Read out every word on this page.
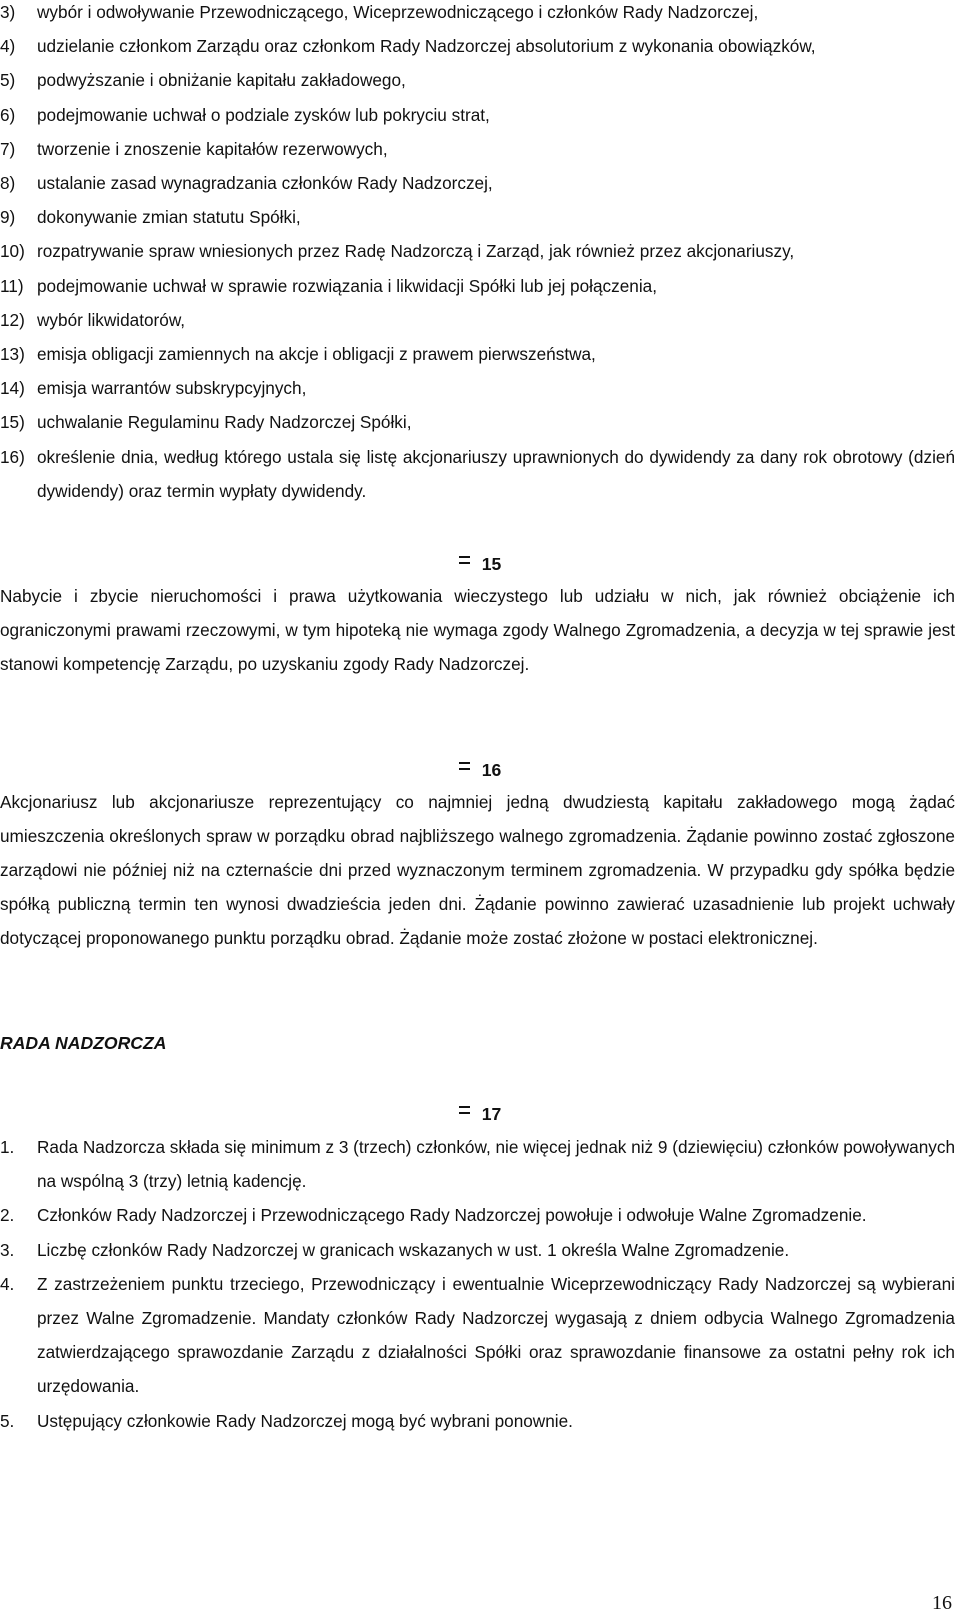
3)	wybór i odwoływanie Przewodniczącego, Wiceprzewodniczącego i członków Rady Nadzorczej,
4)	udzielanie członkom Zarządu oraz członkom Rady Nadzorczej absolutorium z wykonania obowiązków,
5)	podwyższanie i obniżanie kapitału zakładowego,
6)	podejmowanie uchwał o podziale zysków lub pokryciu strat,
7)	tworzenie i znoszenie kapitałów rezerwowych,
8)	ustalanie zasad wynagradzania członków Rady Nadzorczej,
9)	dokonywanie zmian statutu Spółki,
10) rozpatrywanie spraw wniesionych przez Radę Nadzorczą i Zarząd, jak również przez akcjonariuszy,
11) podejmowanie uchwał w sprawie rozwiązania i likwidacji Spółki lub jej połączenia,
12) wybór likwidatorów,
13) emisja obligacji zamiennych na akcje i obligacji z prawem pierwszeństwa,
14) emisja warrantów subskrypcyjnych,
15) uchwalanie Regulaminu Rady Nadzorczej Spółki,
16) określenie dnia, według którego ustala się listę akcjonariuszy uprawnionych do dywidendy za dany rok obrotowy (dzień dywidendy) oraz termin wypłaty dywidendy.
15
Nabycie i zbycie nieruchomości i prawa użytkowania wieczystego lub udziału w nich, jak również obciążenie ich ograniczonymi prawami rzeczowymi, w tym hipoteką nie wymaga zgody Walnego Zgromadzenia, a decyzja w tej sprawie jest stanowi kompetencję Zarządu, po uzyskaniu zgody Rady Nadzorczej.
16
Akcjonariusz lub akcjonariusze reprezentujący co najmniej jedną dwudziestą kapitału zakładowego mogą żądać umieszczenia określonych spraw w porządku obrad najbliższego walnego zgromadzenia. Żądanie powinno zostać zgłoszone zarządowi nie później niż na czternaście dni przed wyznaczonym terminem zgromadzenia. W przypadku gdy spółka będzie spółką publiczną termin ten wynosi dwadzieścia jeden dni. Żądanie powinno zawierać uzasadnienie lub projekt uchwały dotyczącej proponowanego punktu porządku obrad. Żądanie może zostać złożone w postaci elektronicznej.
RADA NADZORCZA
17
1.	Rada Nadzorcza składa się minimum z 3 (trzech) członków, nie więcej jednak niż 9 (dziewięciu) członków powoływanych na wspólną 3 (trzy) letnią kadencję.
2.	Członków Rady Nadzorczej i Przewodniczącego Rady Nadzorczej powołuje i odwołuje Walne Zgromadzenie.
3.	Liczbę członków Rady Nadzorczej w granicach wskazanych w ust. 1 określa Walne Zgromadzenie.
4.	Z zastrzeżeniem punktu trzeciego, Przewodniczący i ewentualnie Wiceprzewodniczący Rady Nadzorczej są wybierani przez Walne Zgromadzenie. Mandaty członków Rady Nadzorczej wygasają z dniem odbycia Walnego Zgromadzenia zatwierdzającego sprawozdanie Zarządu z działalności Spółki oraz sprawozdanie finansowe za ostatni pełny rok ich urzędowania.
5.	Ustępujący członkowie Rady Nadzorczej mogą być wybrani ponownie.
16
